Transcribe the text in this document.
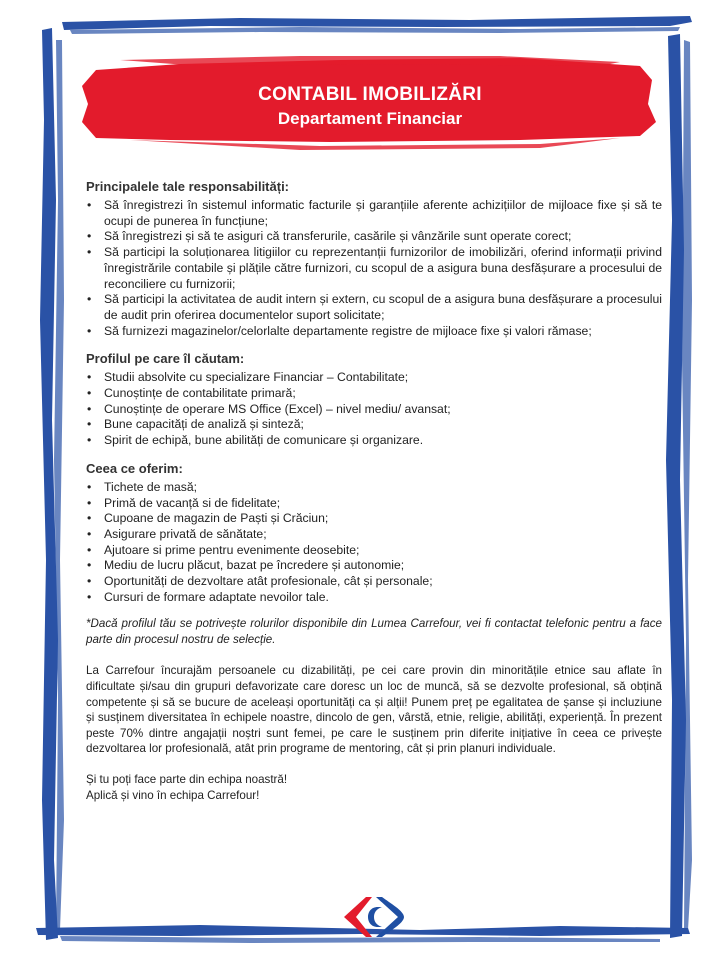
CONTABIL IMOBILIZĂRI
Departament Financiar
Principalele tale responsabilități:
• Să înregistrezi în sistemul informatic facturile și garanțiile aferente achizițiilor de mijloace fixe și să te ocupi de punerea în funcțiune;
• Să înregistrezi și să te asiguri că transferurile, casările și vânzările sunt operate corect;
• Să participi la soluționarea litigiilor cu reprezentanții furnizorilor de imobilizări, oferind informații privind înregistrările contabile și plățile către furnizori, cu scopul de a asigura buna desfășurare a procesului de reconciliere cu furnizorii;
• Să participi la activitatea de audit intern și extern, cu scopul de a asigura buna desfășurare a procesului de audit prin oferirea documentelor suport solicitate;
• Să furnizezi magazinelor/celorlalte departamente registre de mijloace fixe și valori rămase;
Profilul pe care îl căutam:
• Studii absolvite cu specializare Financiar – Contabilitate;
• Cunoștințe de contabilitate primară;
• Cunoștințe de operare MS Office (Excel) – nivel mediu/ avansat;
• Bune capacități de analiză și sinteză;
• Spirit de echipă, bune abilități de comunicare și organizare.
Ceea ce oferim:
• Tichete de masă;
• Primă de vacanță si de fidelitate;
• Cupoane de magazin de Paști și Crăciun;
• Asigurare privată de sănătate;
• Ajutoare si prime pentru evenimente deosebite;
• Mediu de lucru plăcut, bazat pe încredere și autonomie;
• Oportunități de dezvoltare atât profesionale, cât și personale;
• Cursuri de formare adaptate nevoilor tale.

*Dacă profilul tău se potrivește rolurilor disponibile din Lumea Carrefour, vei fi contactat telefonic pentru a face parte din procesul nostru de selecție.

La Carrefour încurajăm persoanele cu dizabilități, pe cei care provin din minoritățile etnice sau aflate în dificultate și/sau din grupuri defavorizate care doresc un loc de muncă, să se dezvolte profesional, să obțină competente și să se bucure de aceleași oportunități ca și alții! Punem preț pe egalitatea de șanse și incluziune și susținem diversitatea în echipele noastre, dincolo de gen, vârstă, etnie, religie, abilități, experiență. În prezent peste 70% dintre angajații noștri sunt femei, pe care le susținem prin diferite inițiative în ceea ce privește dezvoltarea lor profesională, atât prin programe de mentoring, cât și prin planuri individuale.

Și tu poți face parte din echipa noastră!
Aplică și vino în echipa Carrefour!
